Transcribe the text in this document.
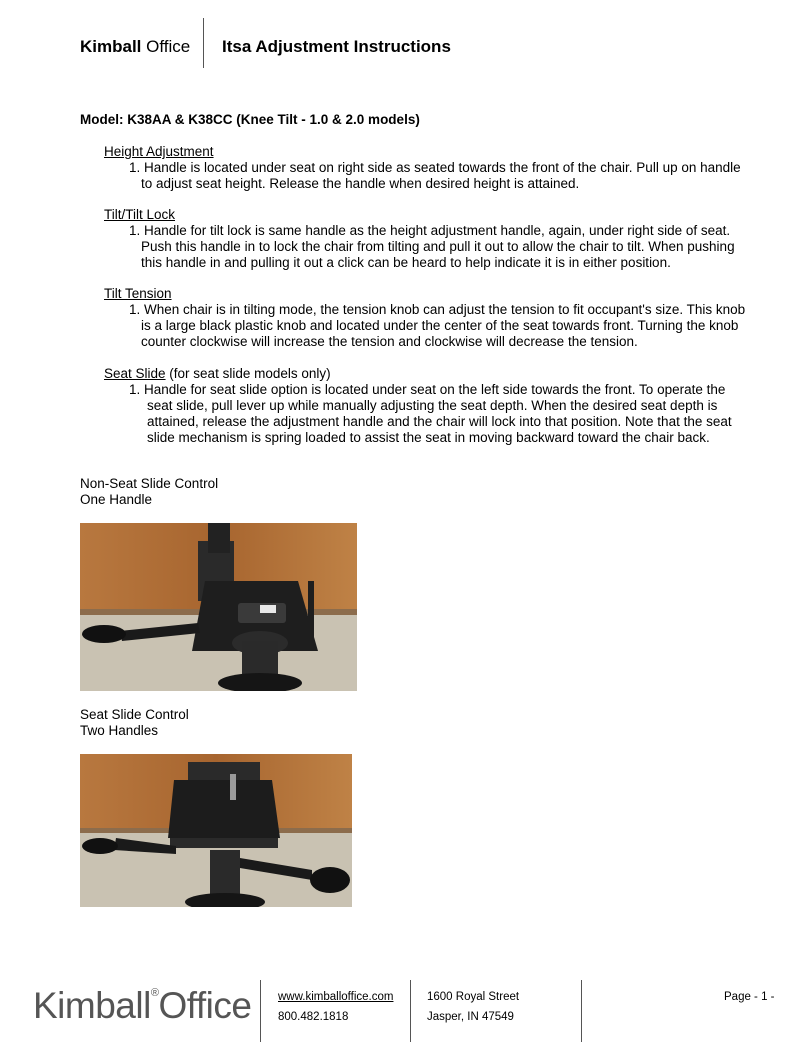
Kimball Office Itsa Adjustment Instructions
Model: K38AA & K38CC (Knee Tilt - 1.0 & 2.0 models)
Height Adjustment
1. Handle is located under seat on right side as seated towards the front of the chair. Pull up on handle
to adjust seat height. Release the handle when desired height is attained.
Tilt/Tilt Lock
1. Handle for tilt lock is same handle as the height adjustment handle, again, under right side of seat.
Push this handle in to lock the chair from tilting and pull it out to allow the chair to tilt. When pushing
this handle in and pulling it out a click can be heard to help indicate it is in either position.
Tilt Tension
1. When chair is in tilting mode, the tension knob can adjust the tension to fit occupant's size. This knob
is a large black plastic knob and located under the center of the seat towards front. Turning the knob
counter clockwise will increase the tension and clockwise will decrease the tension.
Seat Slide (for seat slide models only)
1. Handle for seat slide option is located under seat on the left side towards the front. To operate the
seat slide, pull lever up while manually adjusting the seat depth. When the desired seat depth is
attained, release the adjustment handle and the chair will lock into that position. Note that the seat
slide mechanism is spring loaded to assist the seat in moving backward toward the chair back.
Non-Seat Slide Control
One Handle
Seat Slide Control
Two Handles
Kimball®Office www.kimballoffice.com
800.482.1818
1600 Royal Street
Jasper, IN 47549
Page - 1 -
